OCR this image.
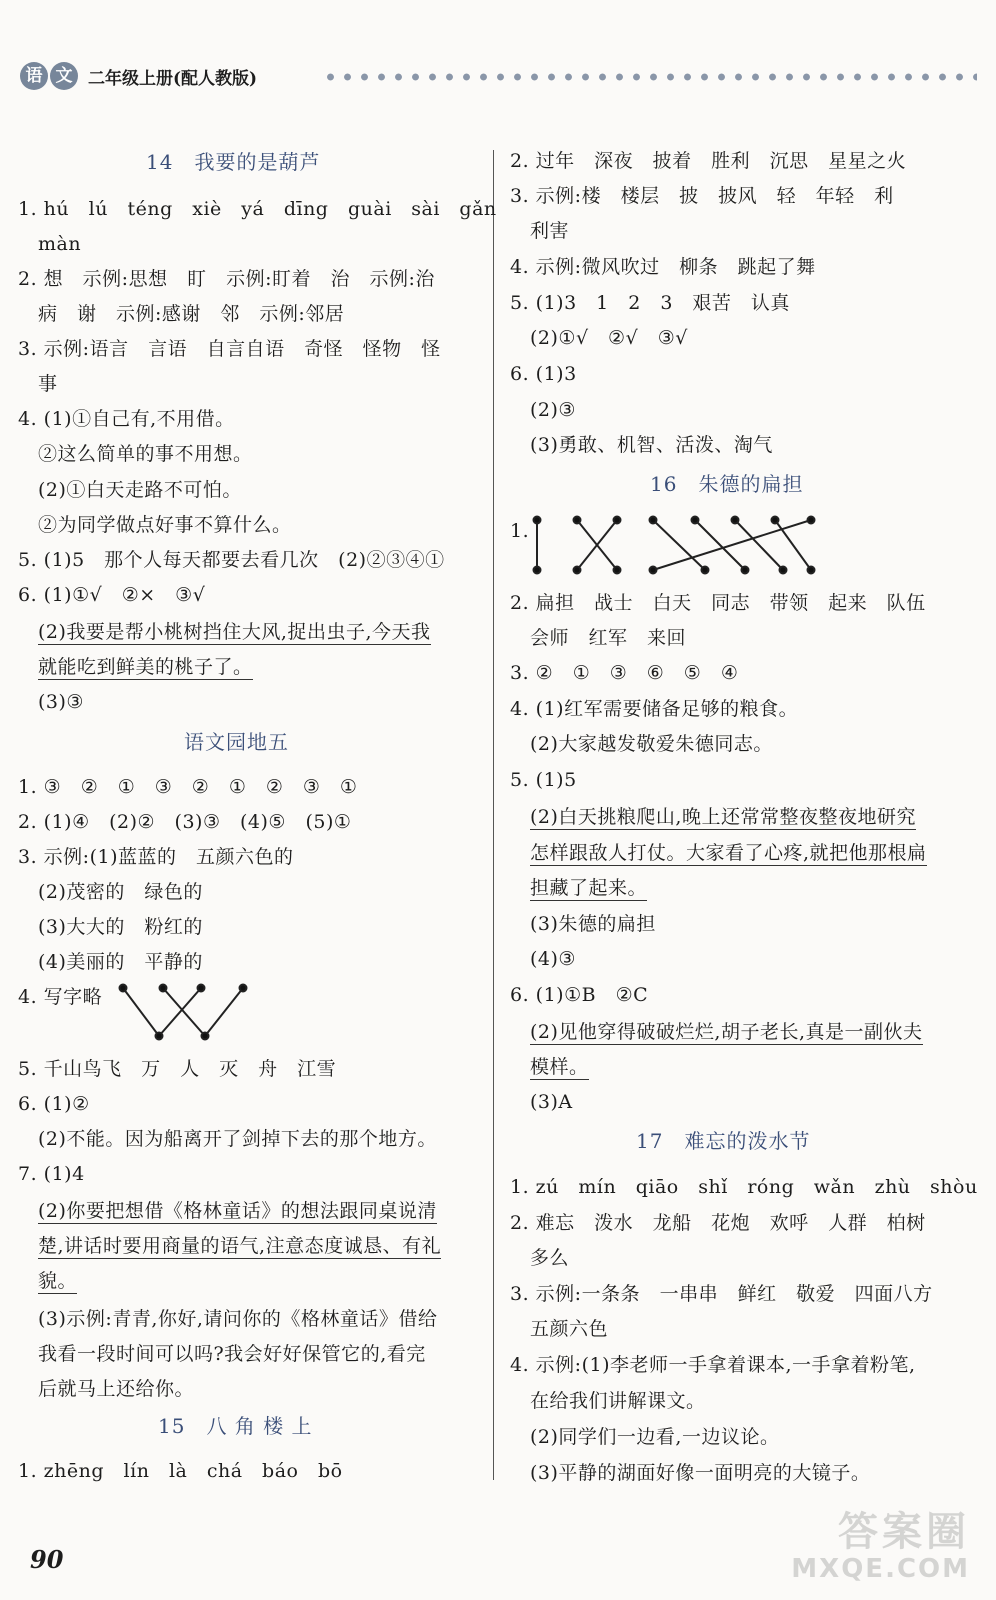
语 文 二年级上册(配人教版)
14　我要的是葫芦
1. hú　lú　téng　xiè　yá　dīng　guài　sài　gǎn
màn
2. 想　示例:思想　盯　示例:盯着　治　示例:治
病　谢　示例:感谢　邻　示例:邻居
3. 示例:语言　言语　自言自语　奇怪　怪物　怪
事
4. (1)①自己有,不用借。
②这么简单的事不用想。
(2)①白天走路不可怕。
②为同学做点好事不算什么。
5. (1)5　那个人每天都要去看几次　(2)②③④①
6. (1)①√　②×　③√
(2)我要是帮小桃树挡住大风,捉出虫子,今天我
就能吃到鲜美的桃子了。
(3)③
语文园地五
1. ③　②　①　③　②　①　②　③　①
2. (1)④　(2)②　(3)③　(4)⑤　(5)①
3. 示例:(1)蓝蓝的　五颜六色的
(2)茂密的　绿色的
(3)大大的　粉红的
(4)美丽的　平静的
4. 写字略
5. 千山鸟飞　万　人　灭　舟　江雪
6. (1)②
(2)不能。因为船离开了剑掉下去的那个地方。
7. (1)4
(2)你要把想借《格林童话》的想法跟同桌说清
楚,讲话时要用商量的语气,注意态度诚恳、有礼
貌。
(3)示例:青青,你好,请问你的《格林童话》借给
我看一段时间可以吗?我会好好保管它的,看完
后就马上还给你。
15　八 角 楼 上
1. zhēng　lín　là　chá　báo　bō
2. 过年　深夜　披着　胜利　沉思　星星之火
3. 示例:楼　楼层　披　披风　轻　年轻　利
利害
4. 示例:微风吹过　柳条　跳起了舞
5. (1)3　1　2　3　艰苦　认真
(2)①√　②√　③√
6. (1)3
(2)③
(3)勇敢、机智、活泼、淘气
16　朱德的扁担
1.
2. 扁担　战士　白天　同志　带领　起来　队伍
会师　红军　来回
3. ②　①　③　⑥　⑤　④
4. (1)红军需要储备足够的粮食。
(2)大家越发敬爱朱德同志。
5. (1)5
(2)白天挑粮爬山,晚上还常常整夜整夜地研究
怎样跟敌人打仗。大家看了心疼,就把他那根扁
担藏了起来。
(3)朱德的扁担
(4)③
6. (1)①B　②C
(2)见他穿得破破烂烂,胡子老长,真是一副伙夫
模样。
(3)A
17　难忘的泼水节
1. zú　mín　qiāo　shǐ　róng　wǎn　zhù　shòu
2. 难忘　泼水　龙船　花炮　欢呼　人群　柏树
多么
3. 示例:一条条　一串串　鲜红　敬爱　四面八方
五颜六色
4. 示例:(1)李老师一手拿着课本,一手拿着粉笔,
在给我们讲解课文。
(2)同学们一边看,一边议论。
(3)平静的湖面好像一面明亮的大镜子。
90
答案圈
MXQE.COM
